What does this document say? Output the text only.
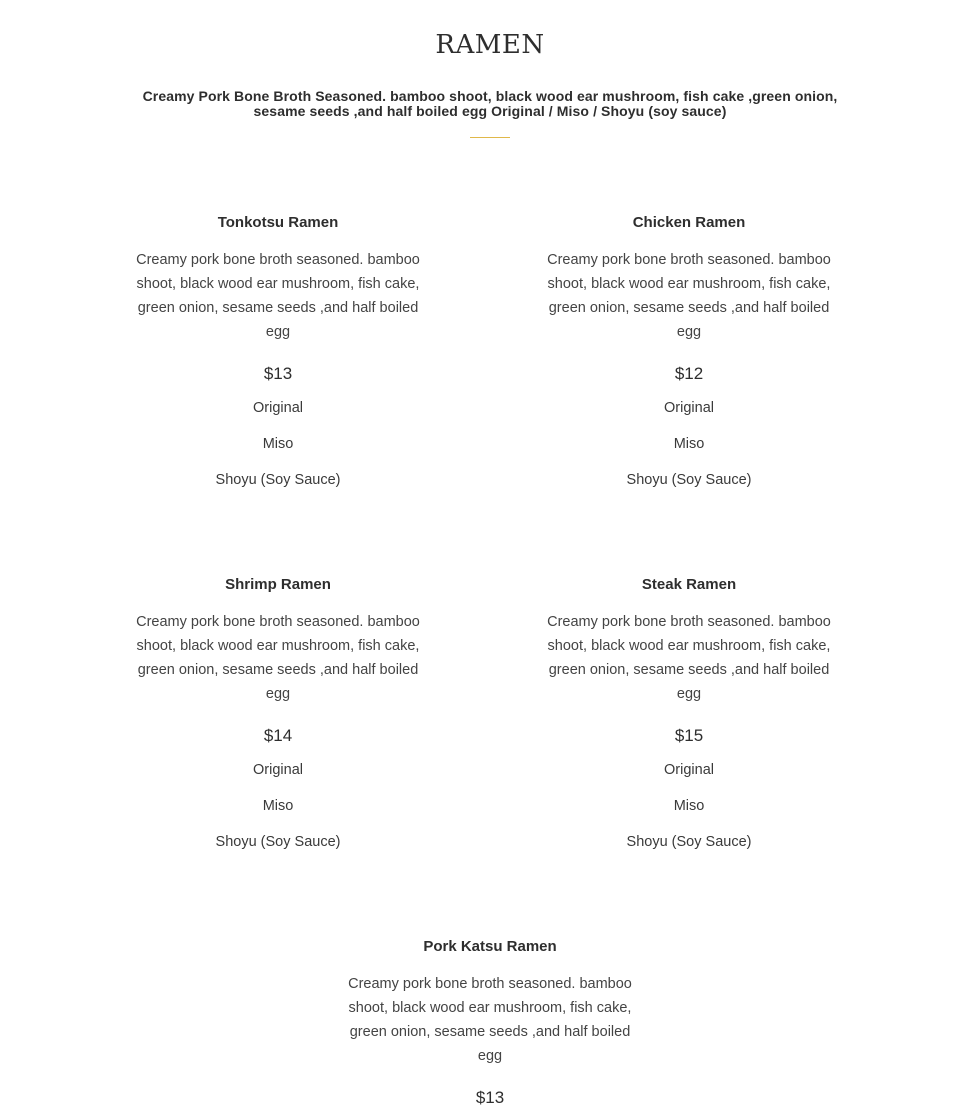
RAMEN

Creamy Pork Bone Broth Seasoned. bamboo shoot, black wood ear mushroom, fish cake ,green onion, sesame seeds ,and half boiled egg Original / Miso / Shoyu (soy sauce)

Tonkotsu Ramen

Creamy pork bone broth seasoned. bamboo shoot, black wood ear mushroom, fish cake, green onion, sesame seeds ,and half boiled egg

$13

Original
Miso
Shoyu (Soy Sauce)
Chicken Ramen

Creamy pork bone broth seasoned. bamboo shoot, black wood ear mushroom, fish cake, green onion, sesame seeds ,and half boiled egg

$12

Original
Miso
Shoyu (Soy Sauce)
Shrimp Ramen

Creamy pork bone broth seasoned. bamboo shoot, black wood ear mushroom, fish cake, green onion, sesame seeds ,and half boiled egg

$14

Original
Miso
Shoyu (Soy Sauce)
Steak Ramen

Creamy pork bone broth seasoned. bamboo shoot, black wood ear mushroom, fish cake, green onion, sesame seeds ,and half boiled egg

$15

Original
Miso
Shoyu (Soy Sauce)
Pork Katsu Ramen

Creamy pork bone broth seasoned. bamboo shoot, black wood ear mushroom, fish cake, green onion, sesame seeds ,and half boiled egg

$13
